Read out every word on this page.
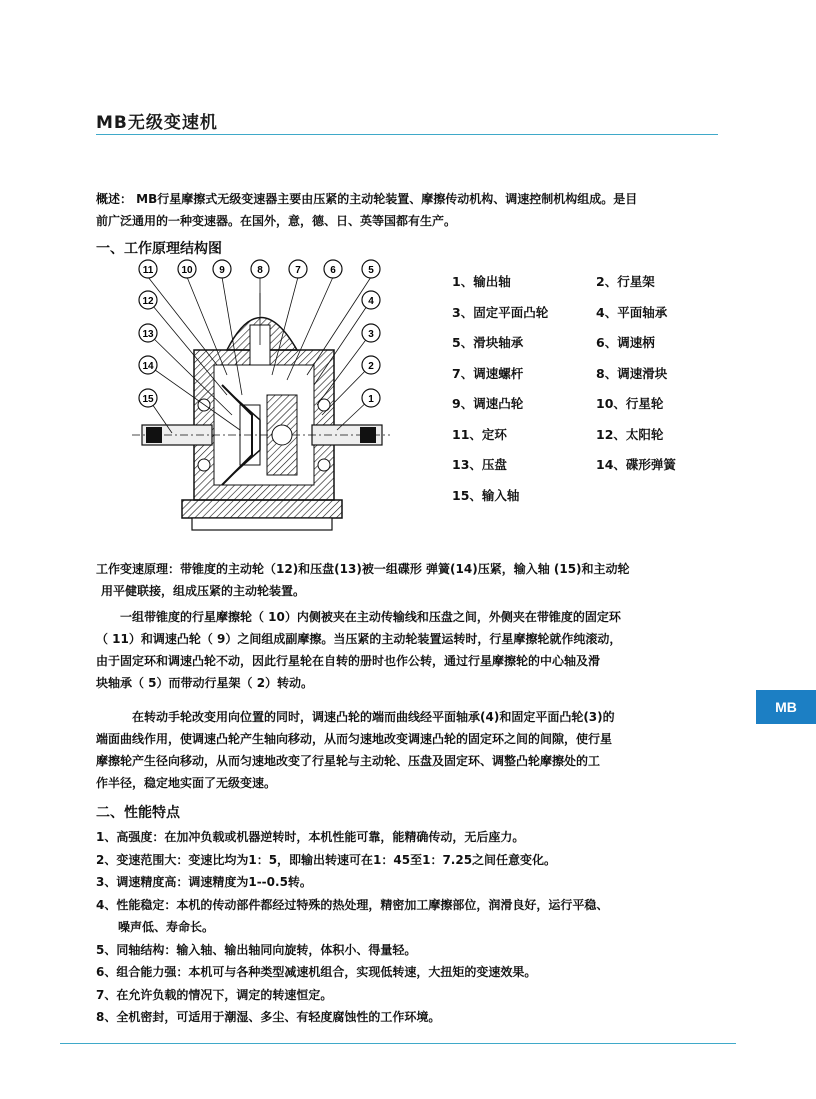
MB无级变速机
概述： MB行星摩擦式无级变速器主要由压紧的主动轮装置、摩擦传动机构、调速控制机构组成。是目
前广泛通用的一种变速器。在国外，意，德、日、英等国都有生产。
一、工作原理结构图
11	10	9	8	7	6	5
4
3
2
1
12
13
14
15
1、输出轴	2、行星架
3、固定平面凸轮	4、平面轴承
5、滑块轴承	6、调速柄
7、调速螺杆	8、调速滑块
9、调速凸轮	10、行星轮
11、定环	12、太阳轮
13、压盘	14、碟形弹簧
15、输入轴
工作变速原理：带锥度的主动轮（12)和压盘(13)被一组碟形 弹簧(14)压紧，输入轴 (15)和主动轮
用平健联接，组成压紧的主动轮装置。
一组带锥度的行星摩擦轮（ 10）内侧被夹在主动传输线和压盘之间，外侧夹在带锥度的固定环
（ 11）和调速凸轮（ 9）之间组成副摩擦。当压紧的主动轮装置运转时，行星摩擦轮就作纯滚动，
由于固定环和调速凸轮不动，因此行星轮在自转的册时也作公转，通过行星摩擦轮的中心轴及滑
块轴承（ 5）而带动行星架（ 2）转动。
在转动手轮改变用向位置的同时，调速凸轮的端而曲线经平面轴承(4)和固定平面凸轮(3)的
端面曲线作用，使调速凸轮产生轴向移动，从而匀速地改变调速凸轮的固定环之间的间隙，使行星
摩擦轮产生径向移动，从而匀速地改变了行星轮与主动轮、压盘及固定环、调整凸轮摩擦处的工
作半径，稳定地实面了无级变速。
二、性能特点
1、高强度：在加冲负载或机器逆转时，本机性能可靠，能精确传动，无后座力。
2、变速范围大：变速比均为1：5，即输出转速可在1：45至1：7.25之间任意变化。
3、调速精度高：调速精度为1--0.5转。
4、性能稳定：本机的传动部件都经过特殊的热处理，精密加工摩擦部位，润滑良好，运行平稳、
噪声低、寿命长。
5、同轴结构：输入轴、输出轴同向旋转，体积小、得量轻。
6、组合能力强：本机可与各种类型减速机组合，实现低转速，大扭矩的变速效果。
7、在允许负载的情况下，调定的转速恒定。
8、全机密封，可适用于潮湿、多尘、有轻度腐蚀性的工作环境。
MB
